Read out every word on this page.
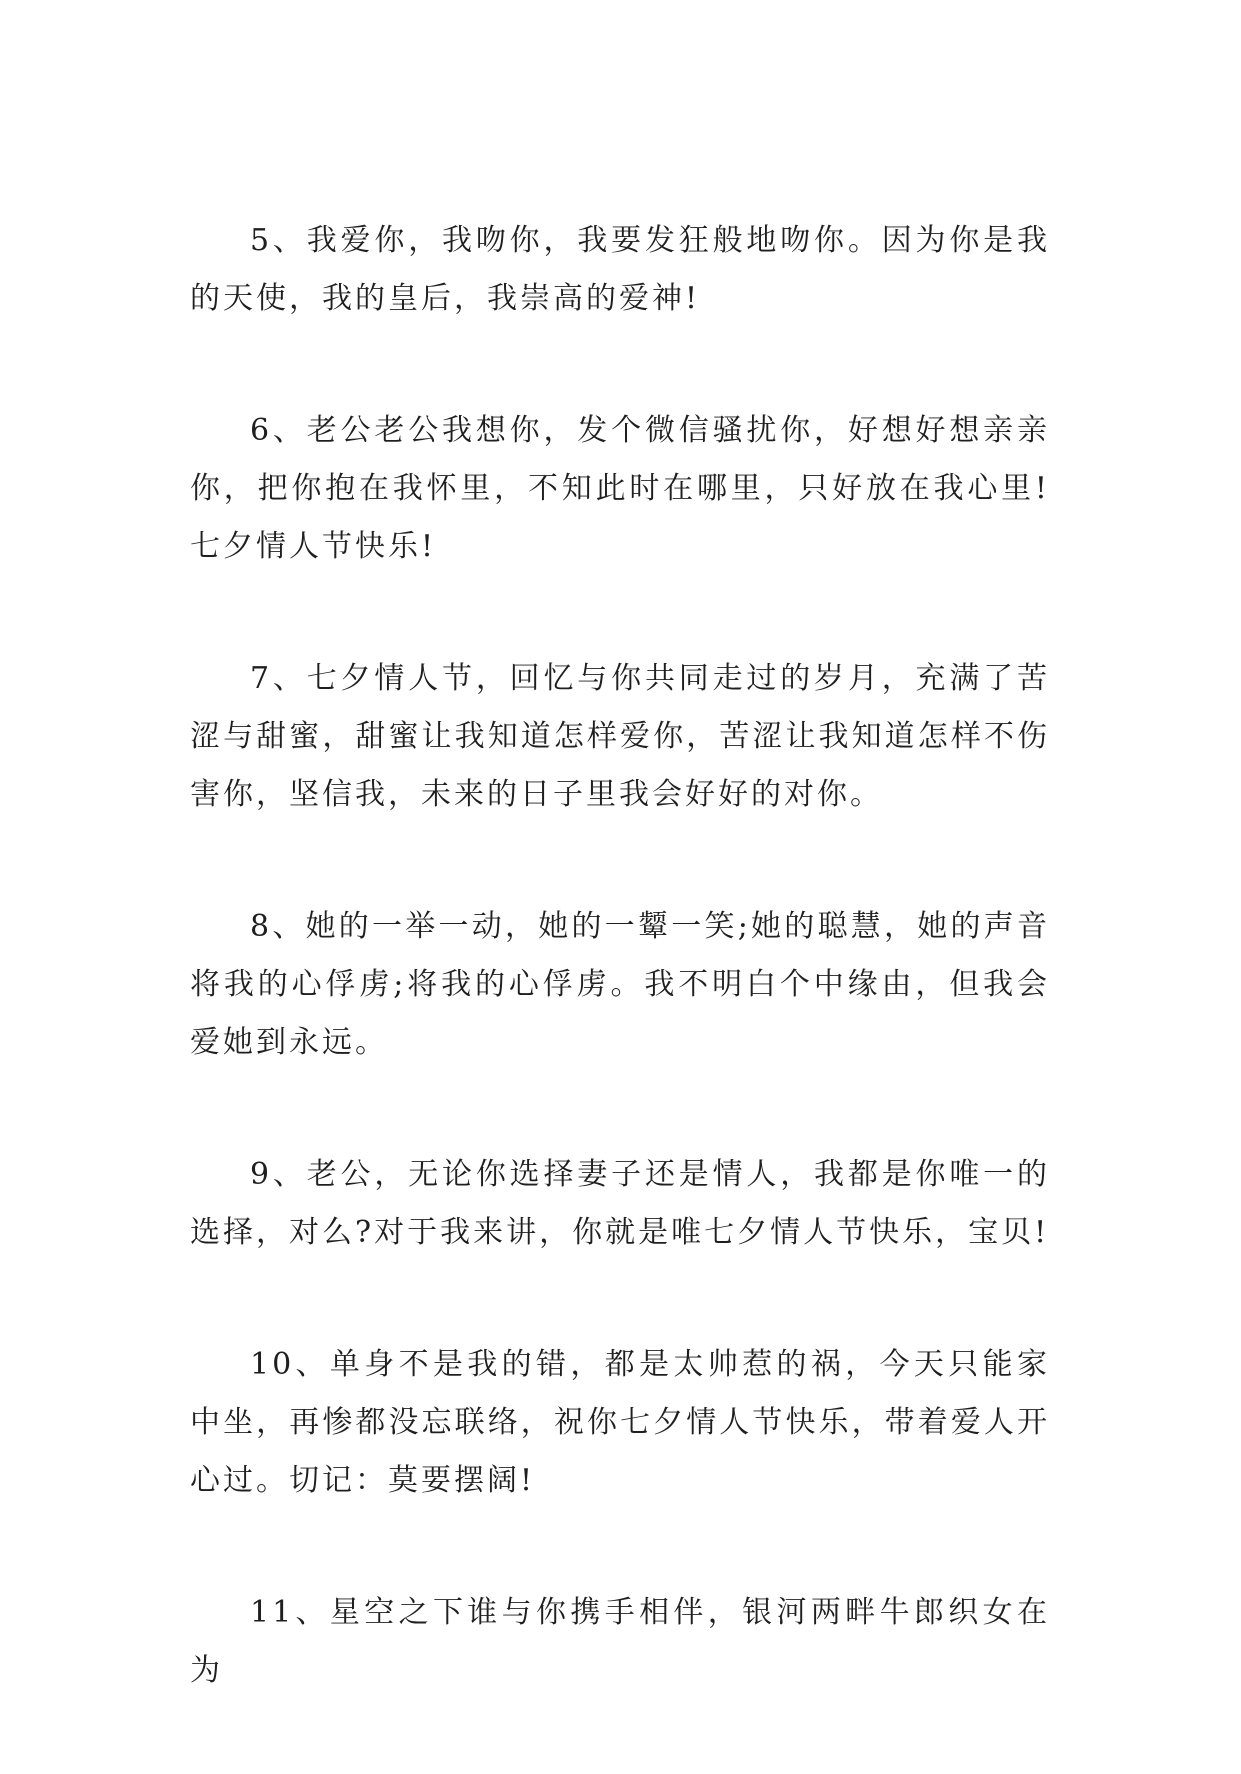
5、我爱你，我吻你，我要发狂般地吻你。因为你是我的天使，我的皇后，我崇高的爱神!

6、老公老公我想你，发个微信骚扰你，好想好想亲亲你，把你抱在我怀里，不知此时在哪里，只好放在我心里!七夕情人节快乐!

7、七夕情人节，回忆与你共同走过的岁月，充满了苦涩与甜蜜，甜蜜让我知道怎样爱你，苦涩让我知道怎样不伤害你，坚信我，未来的日子里我会好好的对你。

8、她的一举一动，她的一颦一笑;她的聪慧，她的声音将我的心俘虏;将我的心俘虏。我不明白个中缘由，但我会爱她到永远。

9、老公，无论你选择妻子还是情人，我都是你唯一的选择，对么?对于我来讲，你就是唯七夕情人节快乐，宝贝!

10、单身不是我的错，都是太帅惹的祸，今天只能家中坐，再惨都没忘联络，祝你七夕情人节快乐，带着爱人开心过。切记：莫要摆阔!

11、星空之下谁与你携手相伴，银河两畔牛郎织女在为
